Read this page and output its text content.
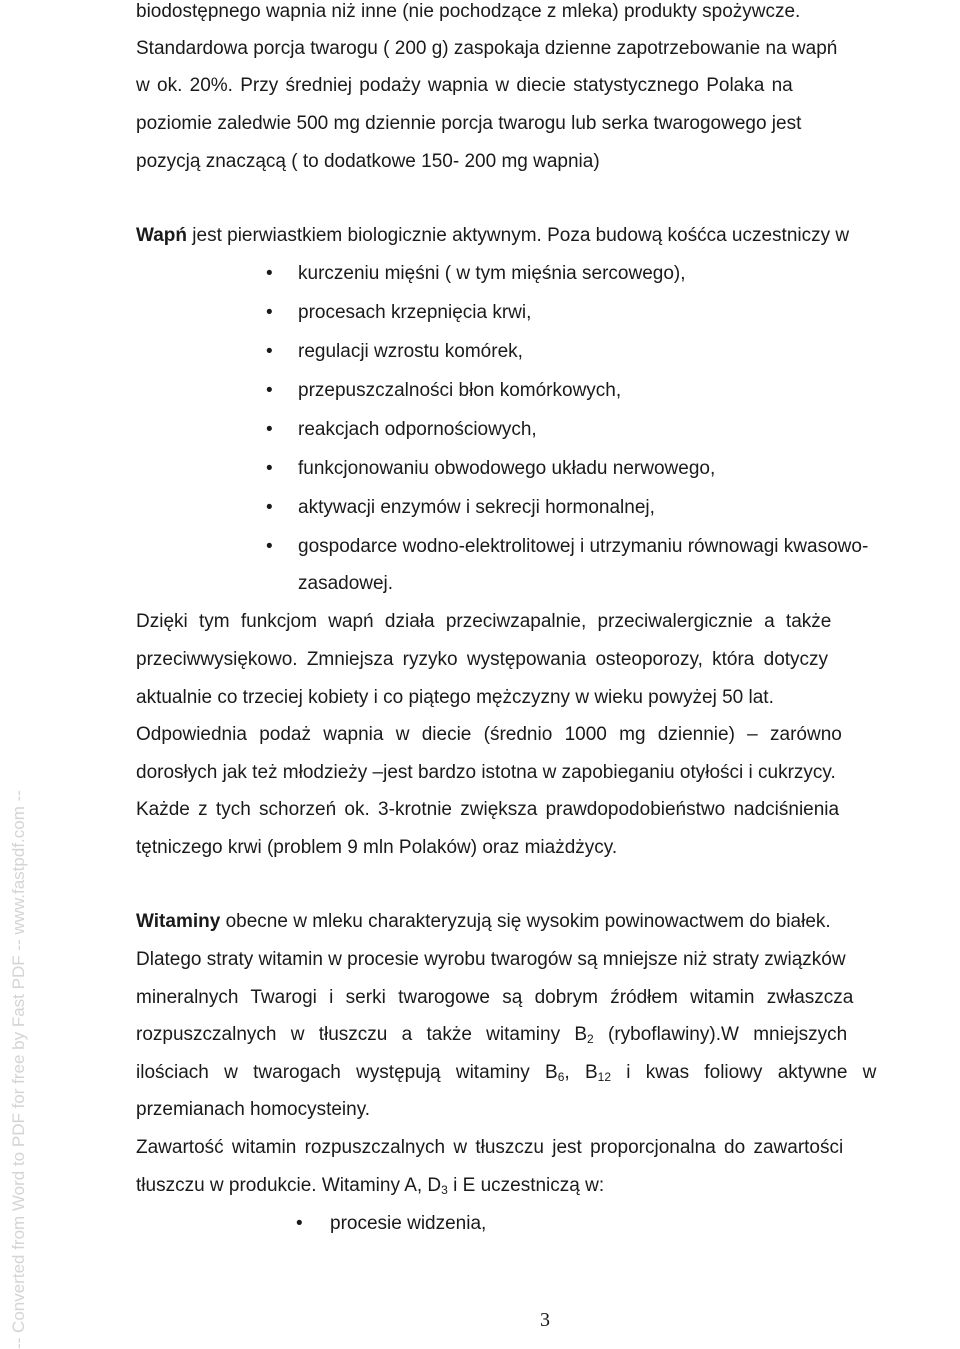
biodostępnego wapnia niż inne (nie pochodzące z mleka) produkty spożywcze.
Standardowa porcja twarogu ( 200 g) zaspokaja dzienne zapotrzebowanie na wapń
w ok. 20%. Przy średniej podaży wapnia w diecie statystycznego Polaka na
poziomie zaledwie 500 mg dziennie porcja twarogu lub serka twarogowego jest
pozycją znaczącą ( to dodatkowe 150- 200 mg wapnia)
Wapń jest pierwiastkiem biologicznie aktywnym. Poza budową kośćca uczestniczy w
• kurczeniu mięśni ( w tym mięśnia sercowego),
• procesach krzepnięcia krwi,
• regulacji wzrostu komórek,
• przepuszczalności błon komórkowych,
• reakcjach odpornościowych,
• funkcjonowaniu obwodowego układu nerwowego,
• aktywacji enzymów i sekrecji hormonalnej,
• gospodarce wodno-elektrolitowej i utrzymaniu równowagi kwasowo-
zasadowej.
Dzięki tym funkcjom wapń działa przeciwzapalnie, przeciwalergicznie a także
przeciwwysiękowo. Zmniejsza ryzyko występowania osteoporozy, która dotyczy
aktualnie co trzeciej kobiety i co piątego mężczyzny w wieku powyżej 50 lat.
Odpowiednia podaż wapnia w diecie (średnio 1000 mg dziennie) – zarówno
dorosłych jak też młodzieży –jest bardzo istotna w zapobieganiu otyłości i cukrzycy.
Każde z tych schorzeń ok. 3-krotnie zwiększa prawdopodobieństwo nadciśnienia
tętniczego krwi (problem 9 mln Polaków) oraz miażdżycy.
Witaminy obecne w mleku charakteryzują się wysokim powinowactwem do białek.
Dlatego straty witamin w procesie wyrobu twarogów są mniejsze niż straty związków
mineralnych Twarogi i serki twarogowe są dobrym źródłem witamin zwłaszcza
rozpuszczalnych w tłuszczu a także witaminy $B_2$ (ryboflawiny).W mniejszych
ilościach w twarogach występują witaminy $B_6$, $B_{12}$ i kwas foliowy aktywne w
przemianach homocysteiny.
Zawartość witamin rozpuszczalnych w tłuszczu jest proporcjonalna do zawartości
tłuszczu w produkcie. Witaminy A, $D_3$ i E uczestniczą w:
• procesie widzenia,
3
-- Converted from Word to PDF for free by Fast PDF -- www.fastpdf.com --
